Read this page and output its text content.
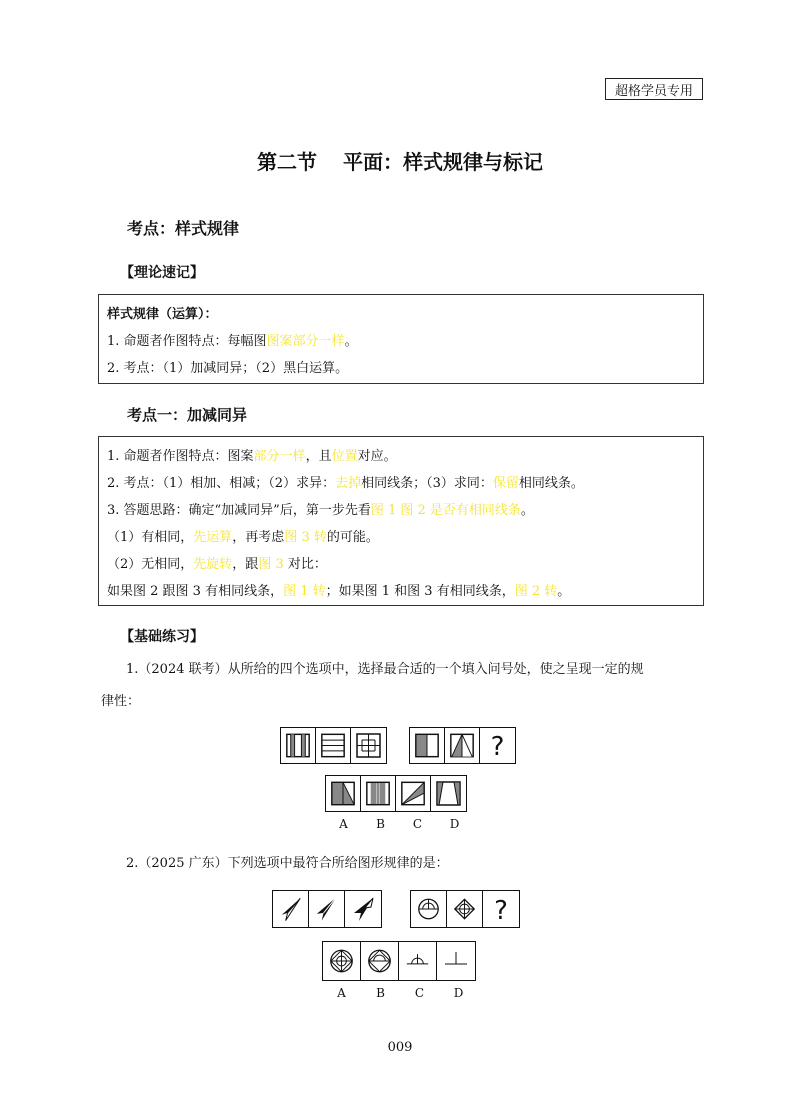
超格学员专用
第二节 平面：样式规律与标记
考点：样式规律
【理论速记】
样式规律（运算）：
1. 命题者作图特点：每幅图图案部分一样。
2. 考点：（1）加减同异；（2）黑白运算。
考点一：加减同异
1. 命题者作图特点：图案部分一样，且位置对应。
2. 考点：（1）相加、相减；（2）求异：去掉相同线条；（3）求同：保留相同线条。
3. 答题思路：确定“加减同异”后，第一步先看图 1 图 2 是否有相同线条。
（1）有相同，先运算，再考虑图 3 转的可能。
（2）无相同，先旋转，跟图 3 对比：
如果图 2 跟图 3 有相同线条，图 1 转；如果图 1 和图 3 有相同线条，图 2 转。
【基础练习】
1.（2024 联考）从所给的四个选项中，选择最合适的一个填入问号处，使之呈现一定的规
律性：
?
A	B	C	D
2.（2025 广东）下列选项中最符合所给图形规律的是：
?
A	B	C	D
009
